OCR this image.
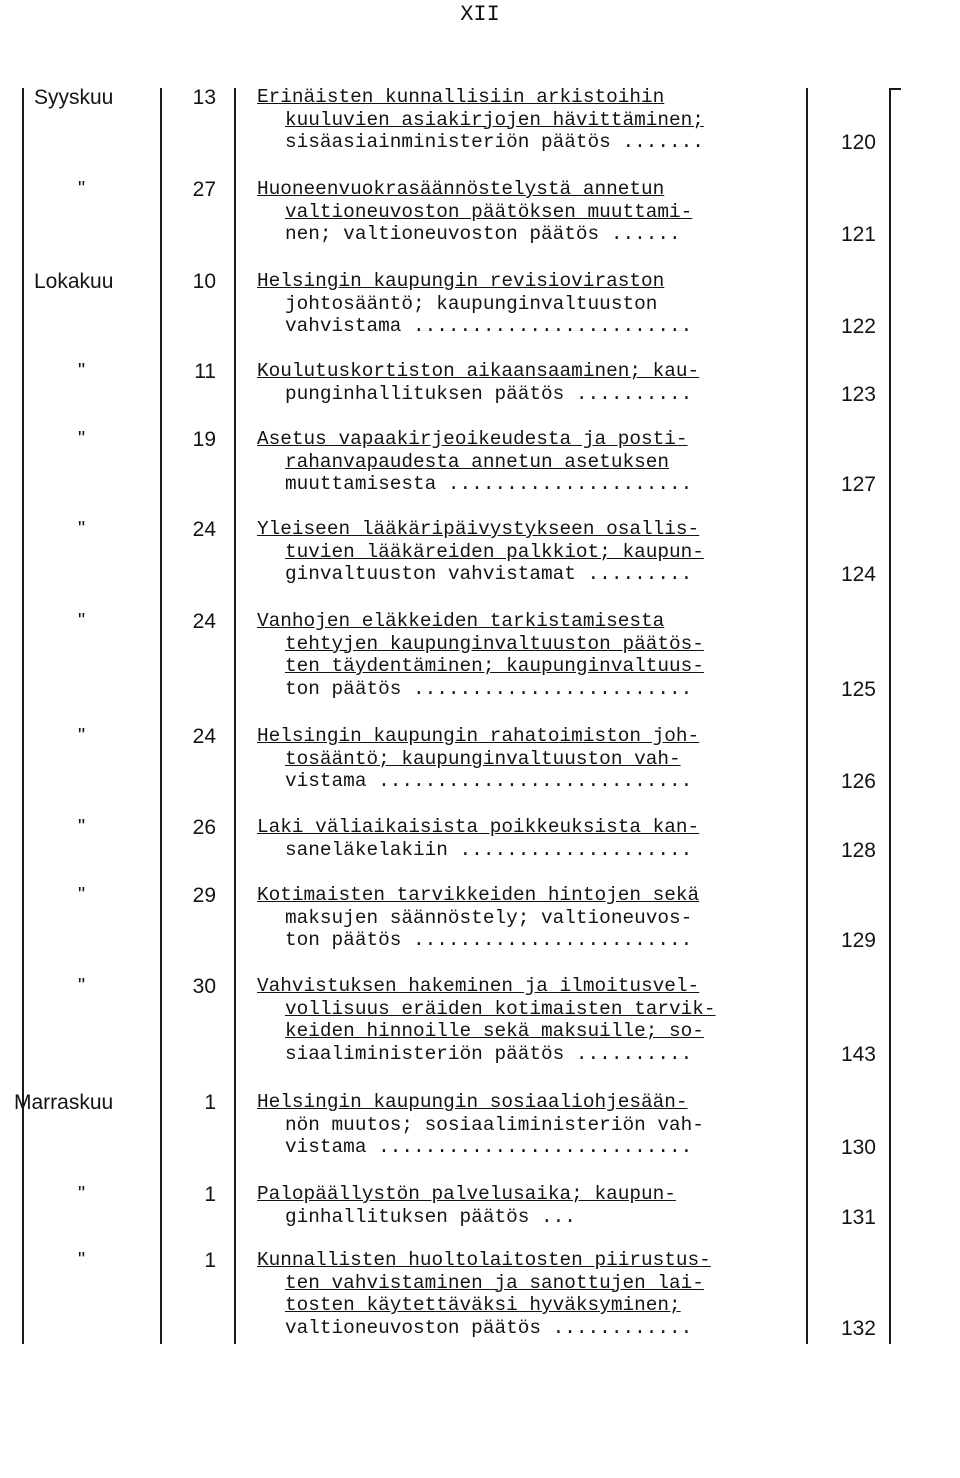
XII
Syyskuu	13 Erinäisten kunnallisiin arkistoihin
kuuluvien asiakirjojen hävittäminen;
sisäasiainministeriön päätös .......	120
"	27 Huoneenvuokrasäännöstelystä annetun
valtioneuvoston päätöksen muuttami-
nen; valtioneuvoston päätös ......	121
Lokakuu	10 Helsingin kaupungin revisioviraston
johtosääntö; kaupunginvaltuuston
vahvistama ........................	122
"	11 Koulutuskortiston aikaansaaminen; kau-
punginhallituksen päätös ..........	123
"	19 Asetus vapaakirjeoikeudesta ja posti-
rahanvapaudesta annetun asetuksen
muuttamisesta .....................	127
"	24 Yleiseen lääkäripäivystykseen osallis-
tuvien lääkäreiden palkkiot; kaupun-
ginvaltuuston vahvistamat .........	124
"	24 Vanhojen eläkkeiden tarkistamisesta
tehtyjen kaupunginvaltuuston päätös-
ten täydentäminen; kaupunginvaltuus-
ton päätös ........................	125
"	24 Helsingin kaupungin rahatoimiston joh-
tosääntö; kaupunginvaltuuston vah-
vistama ...........................	126
"	26 Laki väliaikaisista poikkeuksista kan-
saneläkelakiin ....................	128
"	29 Kotimaisten tarvikkeiden hintojen sekä
maksujen säännöstely; valtioneuvos-
ton päätös ........................	129
"	30 Vahvistuksen hakeminen ja ilmoitusvel-
vollisuus eräiden kotimaisten tarvik-
keiden hinnoille sekä maksuille; so-
siaaliministeriön päätös ..........	143
Marraskuu	1 Helsingin kaupungin sosiaaliohjesään-
nön muutos; sosiaaliministeriön vah-
vistama ...........................	130
"	1 Palopäällystön palvelusaika; kaupun-
ginhallituksen päätös ...	131
"	1 Kunnallisten huoltolaitosten piirustus-
ten vahvistaminen ja sanottujen lai-
tosten käytettäväksi hyväksyminen;
valtioneuvoston päätös ............	132
